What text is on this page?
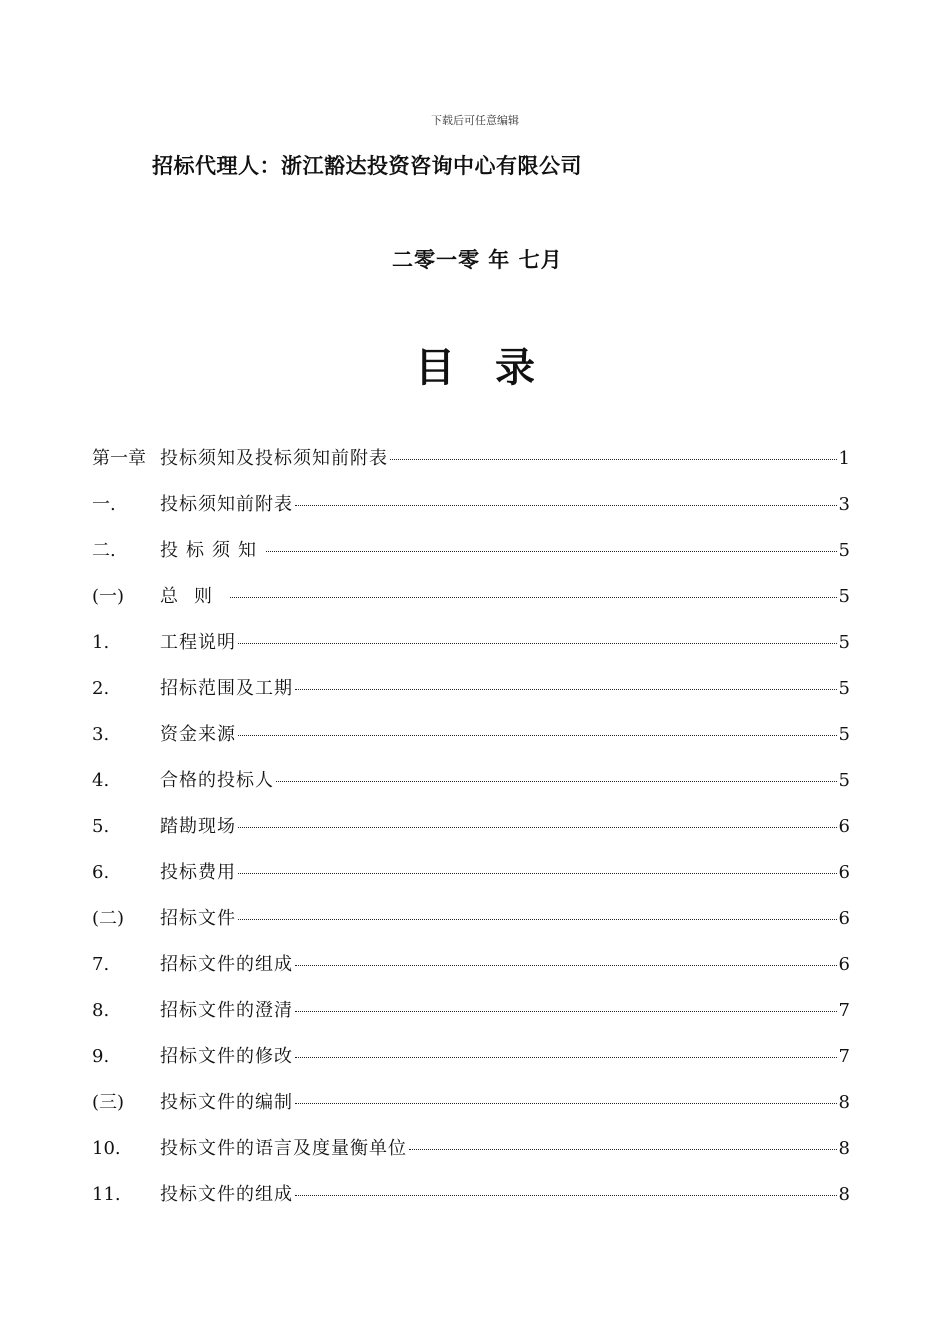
下载后可任意编辑
招标代理人：浙江豁达投资咨询中心有限公司
二零一零 年 七月
目录
第一章 投标须知及投标须知前附表	1
一.	投标须知前附表	3
二.	投标须知	5
(一)	总则	5
1.	工程说明	5
2.	招标范围及工期	5
3.	资金来源	5
4.	合格的投标人	5
5.	踏勘现场	6
6.	投标费用	6
(二)	招标文件	6
7.	招标文件的组成	6
8.	招标文件的澄清	7
9.	招标文件的修改	7
(三)	投标文件的编制	8
10.	投标文件的语言及度量衡单位	8
11.	投标文件的组成	8
